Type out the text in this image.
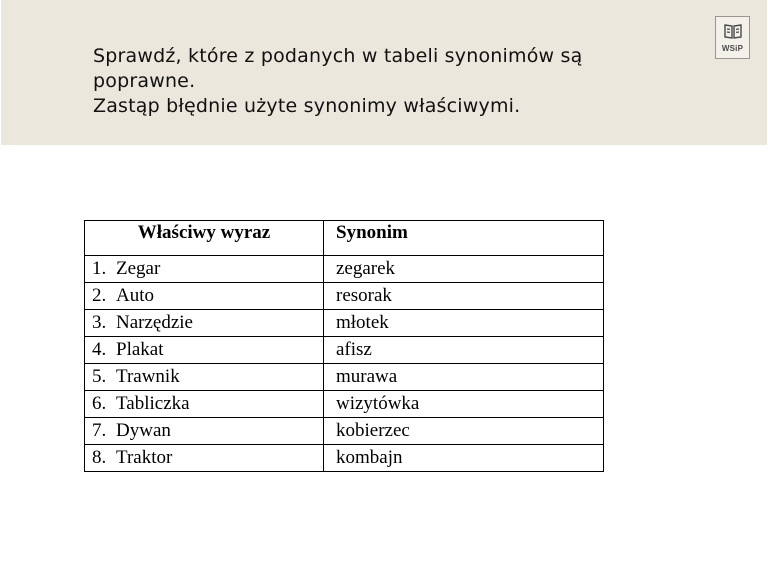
Sprawdź, które z podanych w tabeli synonimów są poprawne.

Zastąp błędnie użyte synonimy właściwymi.

WSiP
Właściwy wyraz	Synonim
1. Zegar	zegarek
2. Auto	resorak
3. Narzędzie	młotek
4. Plakat	afisz
5. Trawnik	murawa
6. Tabliczka	wizytówka
7. Dywan	kobierzec
8. Traktor	kombajn
